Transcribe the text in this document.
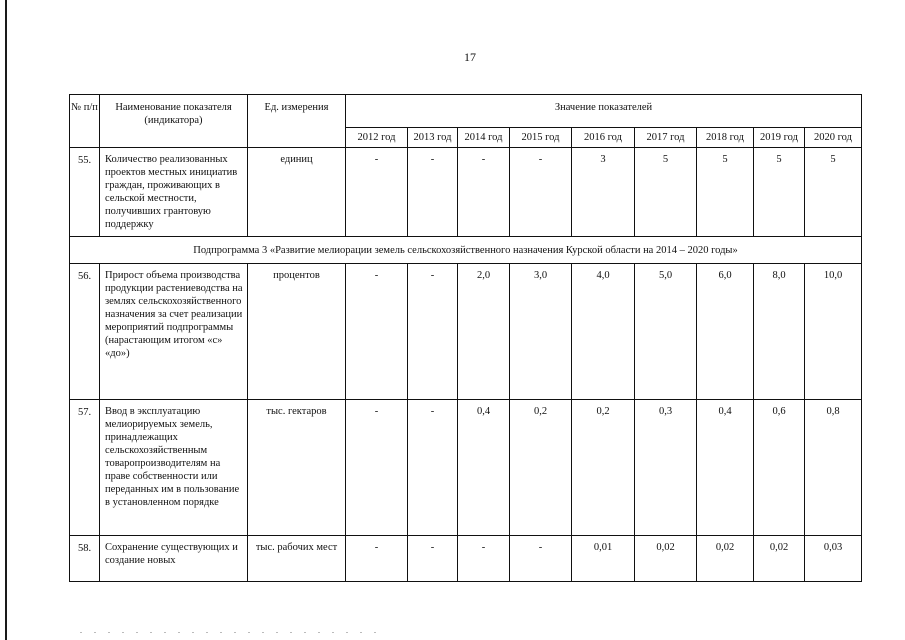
17
№ п/п	Наименование показателя (индикатора)	Ед. измерения	Значение показателей								
			2012 год	2013 год	2014 год	2015 год	2016 год	2017 год	2018 год	2019 год	2020 год
55.	Количество реализованных проектов местных инициатив граждан, проживающих в сельской местности, получивших грантовую поддержку	единиц	-	-	-	-	3	5	5	5	5
Подпрограмма 3 «Развитие мелиорации земель сельскохозяйственного назначения Курской области на 2014 – 2020 годы»											
56.	Прирост объема производства продукции растениеводства на землях сельскохозяйственного назначения за счет реализации мероприятий подпрограммы (нарастающим итогом «с» «до»)	процентов	-	-	2,0	3,0	4,0	5,0	6,0	8,0	10,0
57.	Ввод в эксплуатацию мелиорируемых земель, принадлежащих сельскохозяйственным товаропроизводителям на праве собственности или переданных им в пользование в установленном порядке	тыс. гектаров	-	-	0,4	0,2	0,2	0,3	0,4	0,6	0,8
58.	Сохранение существующих и создание новых	тыс. рабочих мест	-	-	-	-	0,01	0,02	0,02	0,02	0,03
